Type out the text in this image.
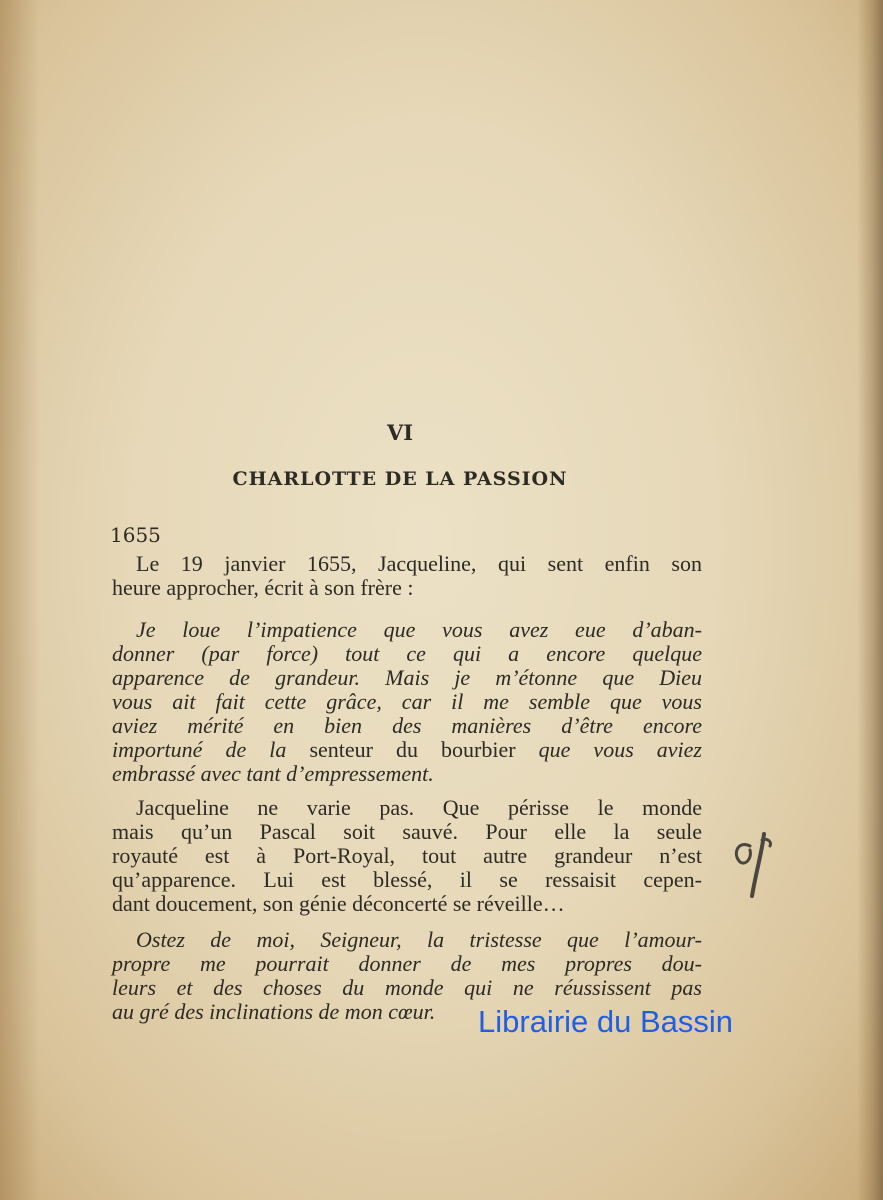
VI
CHARLOTTE DE LA PASSION
1655
Le 19 janvier 1655, Jacqueline, qui sent enfin son
heure approcher, écrit à son frère :
Je loue l’impatience que vous avez eue d’aban-
donner (par force) tout ce qui a encore quelque
apparence de grandeur. Mais je m’étonne que Dieu
vous ait fait cette grâce, car il me semble que vous
aviez mérité en bien des manières d’être encore
importuné de la senteur du bourbier que vous aviez
embrassé avec tant d’empressement.
Jacqueline ne varie pas. Que périsse le monde
mais qu’un Pascal soit sauvé. Pour elle la seule
royauté est à Port-Royal, tout autre grandeur n’est
qu’apparence. Lui est blessé, il se ressaisit cepen-
dant doucement, son génie déconcerté se réveille…
Ostez de moi, Seigneur, la tristesse que l’amour-
propre me pourrait donner de mes propres dou-
leurs et des choses du monde qui ne réussissent pas
au gré des inclinations de mon cœur.	Librairie du Bassin
